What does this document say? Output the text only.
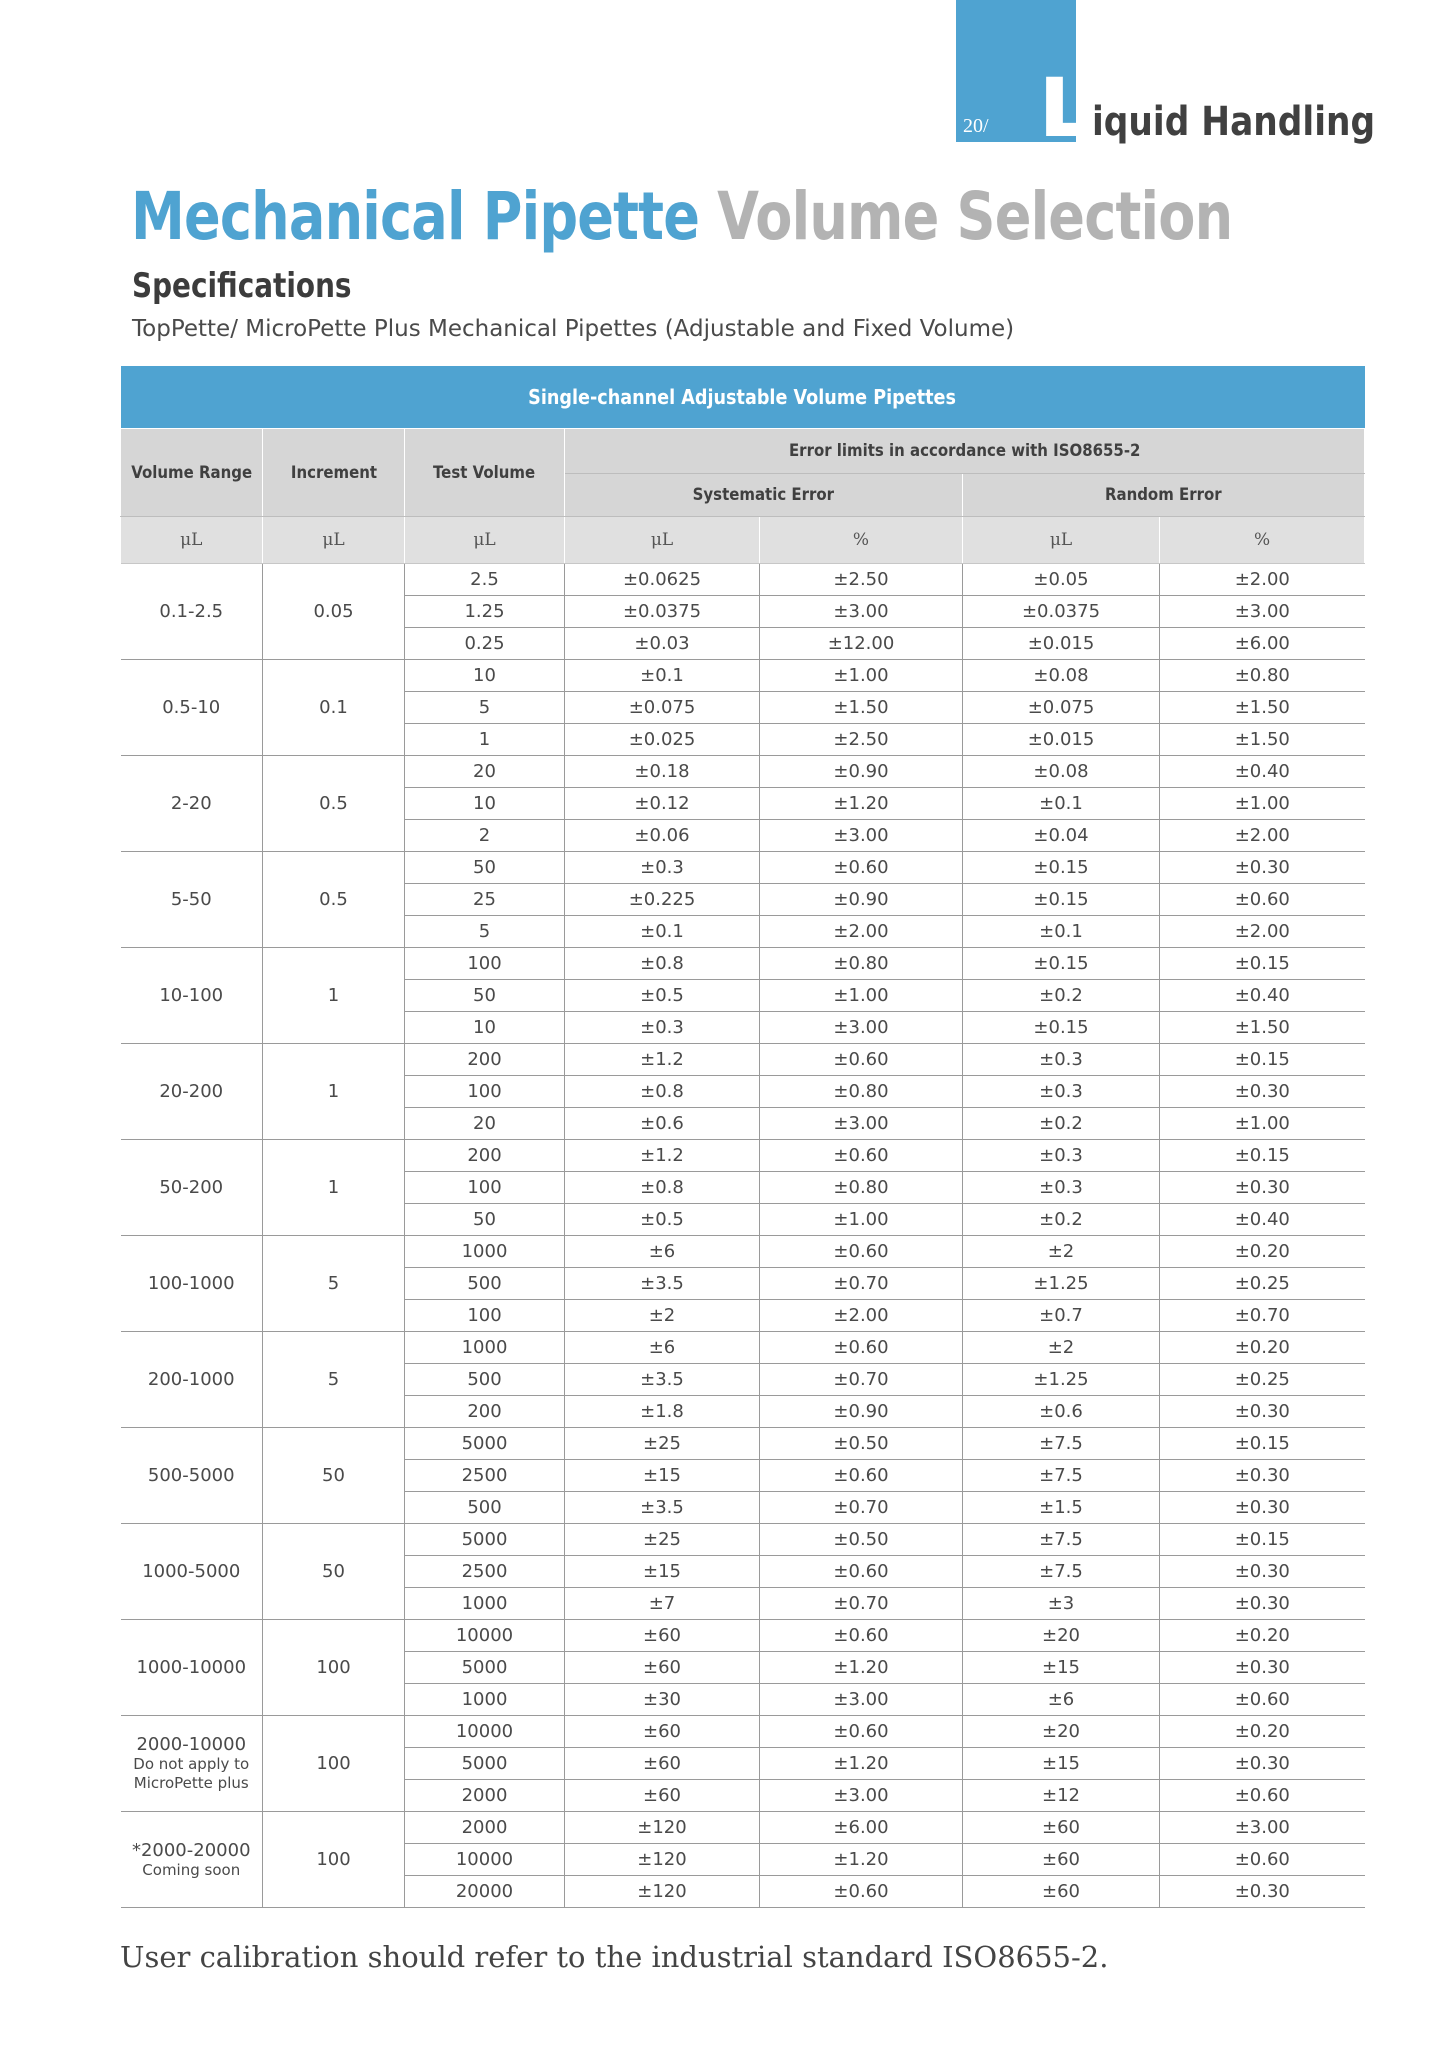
20/ L iquid Handling
Mechanical Pipette Volume Selection
Specifications
TopPette/ MicroPette Plus Mechanical Pipettes (Adjustable and Fixed Volume)
Single-channel Adjustable Volume Pipettes						
Volume Range	Increment	Test Volume	Error limits in accordance with ISO8655-2			
			Systematic Error		Random Error	
μL	μL	μL	μL	%	μL	%
0.1-2.5	0.05	2.5	±0.0625	±2.50	±0.05	±2.00
		1.25	±0.0375	±3.00	±0.0375	±3.00
		0.25	±0.03	±12.00	±0.015	±6.00
0.5-10	0.1	10	±0.1	±1.00	±0.08	±0.80
		5	±0.075	±1.50	±0.075	±1.50
		1	±0.025	±2.50	±0.015	±1.50
2-20	0.5	20	±0.18	±0.90	±0.08	±0.40
		10	±0.12	±1.20	±0.1	±1.00
		2	±0.06	±3.00	±0.04	±2.00
5-50	0.5	50	±0.3	±0.60	±0.15	±0.30
		25	±0.225	±0.90	±0.15	±0.60
		5	±0.1	±2.00	±0.1	±2.00
10-100	1	100	±0.8	±0.80	±0.15	±0.15
		50	±0.5	±1.00	±0.2	±0.40
		10	±0.3	±3.00	±0.15	±1.50
20-200	1	200	±1.2	±0.60	±0.3	±0.15
		100	±0.8	±0.80	±0.3	±0.30
		20	±0.6	±3.00	±0.2	±1.00
50-200	1	200	±1.2	±0.60	±0.3	±0.15
		100	±0.8	±0.80	±0.3	±0.30
		50	±0.5	±1.00	±0.2	±0.40
100-1000	5	1000	±6	±0.60	±2	±0.20
		500	±3.5	±0.70	±1.25	±0.25
		100	±2	±2.00	±0.7	±0.70
200-1000	5	1000	±6	±0.60	±2	±0.20
		500	±3.5	±0.70	±1.25	±0.25
		200	±1.8	±0.90	±0.6	±0.30
500-5000	50	5000	±25	±0.50	±7.5	±0.15
		2500	±15	±0.60	±7.5	±0.30
		500	±3.5	±0.70	±1.5	±0.30
1000-5000	50	5000	±25	±0.50	±7.5	±0.15
		2500	±15	±0.60	±7.5	±0.30
		1000	±7	±0.70	±3	±0.30
1000-10000	100	10000	±60	±0.60	±20	±0.20
		5000	±60	±1.20	±15	±0.30
		1000	±30	±3.00	±6	±0.60
2000-10000
Do not apply to MicroPette plus	100	10000	±60	±0.60	±20	±0.20
		5000	±60	±1.20	±15	±0.30
		2000	±60	±3.00	±12	±0.60
*2000-20000
Coming soon	100	2000	±120	±6.00	±60	±3.00
		10000	±120	±1.20	±60	±0.60
		20000	±120	±0.60	±60	±0.30
User calibration should refer to the industrial standard ISO8655-2.
